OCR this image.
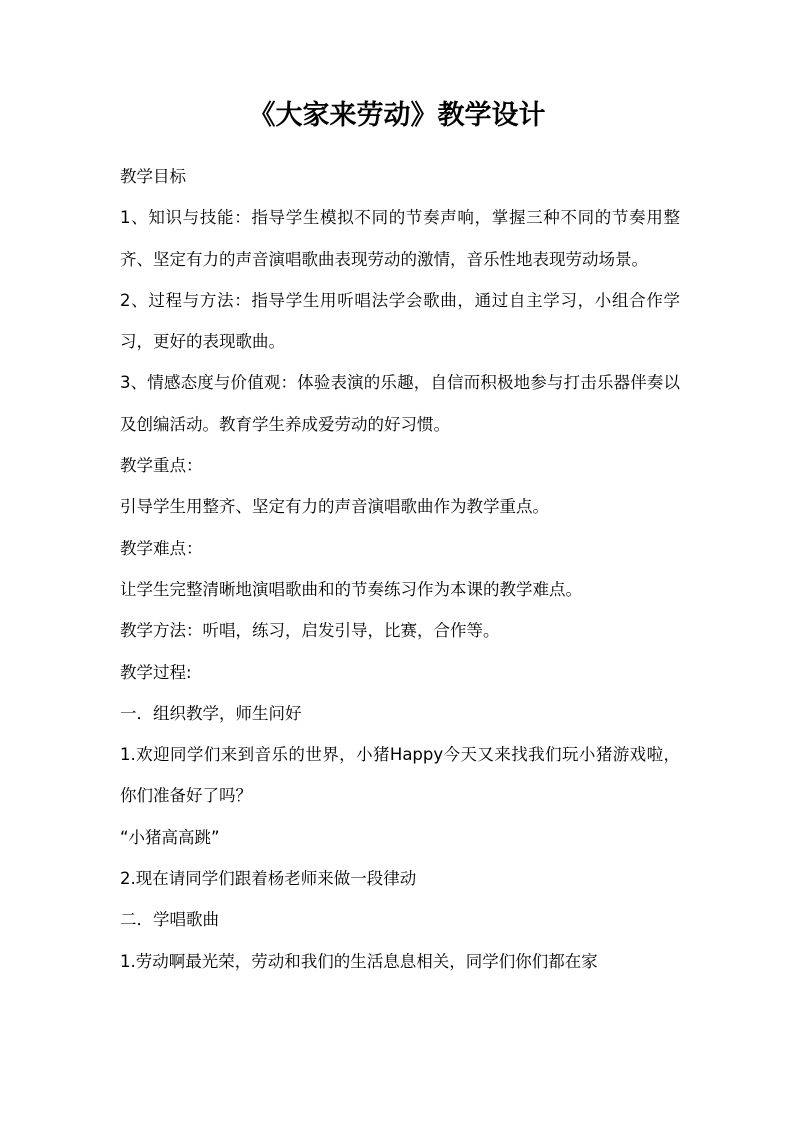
《大家来劳动》教学设计

教学目标

1、知识与技能：指导学生模拟不同的节奏声响，掌握三种不同的节奏用整齐、坚定有力的声音演唱歌曲表现劳动的激情，音乐性地表现劳动场景。

2、过程与方法：指导学生用听唱法学会歌曲，通过自主学习，小组合作学习，更好的表现歌曲。

3、情感态度与价值观：体验表演的乐趣，自信而积极地参与打击乐器伴奏以及创编活动。教育学生养成爱劳动的好习惯。

教学重点：

引导学生用整齐、坚定有力的声音演唱歌曲作为教学重点。

教学难点：

让学生完整清晰地演唱歌曲和的节奏练习作为本课的教学难点。

教学方法：听唱，练习，启发引导，比赛，合作等。

教学过程:

一．组织教学，师生问好

1.欢迎同学们来到音乐的世界，小猪Happy今天又来找我们玩小猪游戏啦，你们准备好了吗？

“小猪高高跳”

2.现在请同学们跟着杨老师来做一段律动

二．学唱歌曲

1.劳动啊最光荣，劳动和我们的生活息息相关，同学们你们都在家
